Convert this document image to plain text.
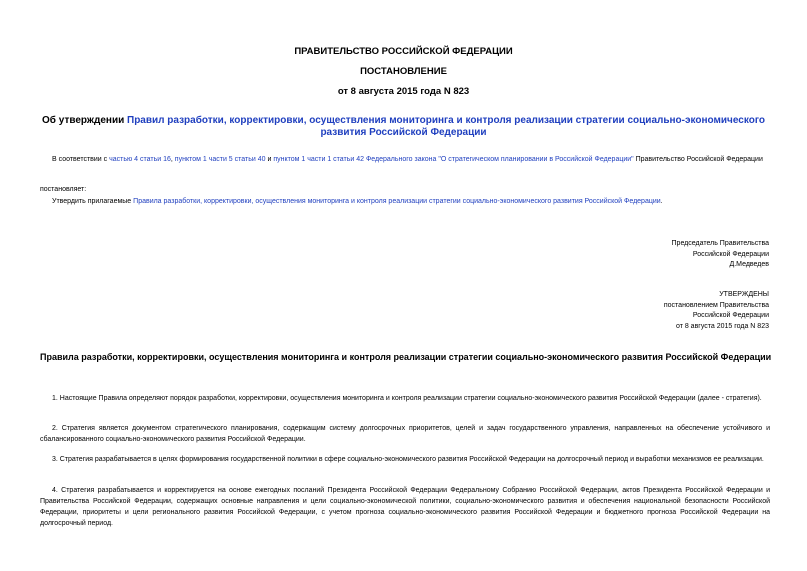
ПРАВИТЕЛЬСТВО РОССИЙСКОЙ ФЕДЕРАЦИИ
ПОСТАНОВЛЕНИЕ
от 8 августа 2015 года N 823
Об утверждении Правил разработки, корректировки, осуществления мониторинга и контроля реализации стратегии социально-экономического развития Российской Федерации
В соответствии с частью 4 статьи 16, пунктом 1 части 5 статьи 40 и пунктом 1 части 1 статьи 42 Федерального закона "О стратегическом планировании в Российской Федерации" Правительство Российской Федерации
постановляет:
Утвердить прилагаемые Правила разработки, корректировки, осуществления мониторинга и контроля реализации стратегии социально-экономического развития Российской Федерации.
Председатель Правительства
Российской Федерации
Д.Медведев
УТВЕРЖДЕНЫ
постановлением Правительства
Российской Федерации
от 8 августа 2015 года N 823
Правила разработки, корректировки, осуществления мониторинга и контроля реализации стратегии социально-экономического развития Российской Федерации
1. Настоящие Правила определяют порядок разработки, корректировки, осуществления мониторинга и контроля реализации стратегии социально-экономического развития Российской Федерации (далее - стратегия).
2. Стратегия является документом стратегического планирования, содержащим систему долгосрочных приоритетов, целей и задач государственного управления, направленных на обеспечение устойчивого и сбалансированного социально-экономического развития Российской Федерации.
3. Стратегия разрабатывается в целях формирования государственной политики в сфере социально-экономического развития Российской Федерации на долгосрочный период и выработки механизмов ее реализации.
4. Стратегия разрабатывается и корректируется на основе ежегодных посланий Президента Российской Федерации Федеральному Собранию Российской Федерации, актов Президента Российской Федерации и Правительства Российской Федерации, содержащих основные направления и цели социально-экономической политики, социально-экономического развития и обеспечения национальной безопасности Российской Федерации, приоритеты и цели регионального развития Российской Федерации, с учетом прогноза социально-экономического развития Российской Федерации и бюджетного прогноза Российской Федерации на долгосрочный период.
